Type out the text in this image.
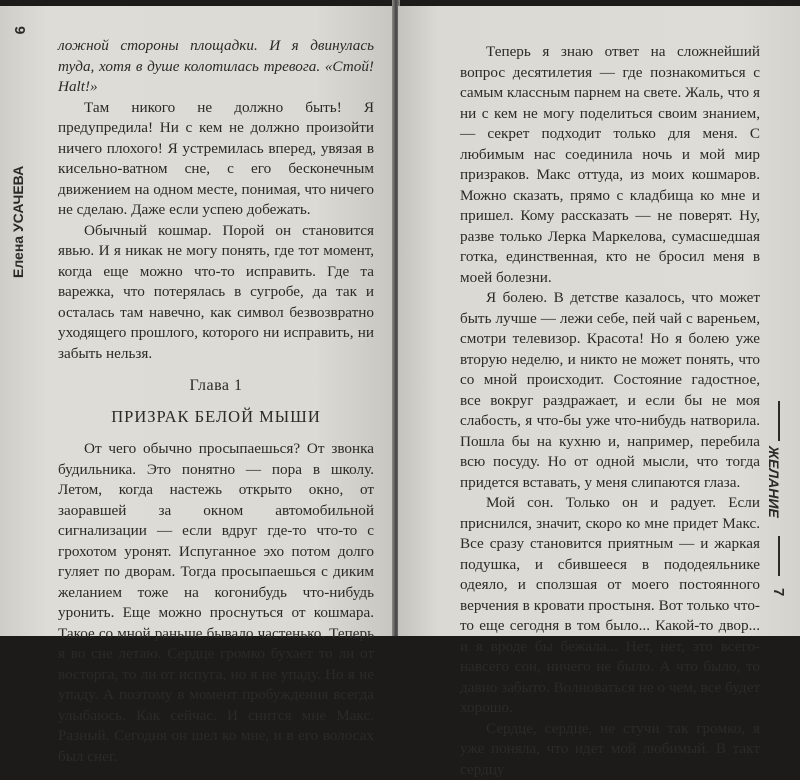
6
Елена УСАЧЕВА

ложной стороны площадки. И я двинулась туда, хотя в душе колотилась тревога. «Стой! Halt!»

Там никого не должно быть! Я предупредила! Ни с кем не должно произойти ничего плохого! Я устремилась вперед, увязая в кисельно-ватном сне, с его бесконечным движением на одном месте, понимая, что ничего не сделаю. Даже если успею добежать.

Обычный кошмар. Порой он становится явью. И я никак не могу понять, где тот момент, когда еще можно что-то исправить. Где та варежка, что потерялась в сугробе, да так и осталась там навечно, как символ безвозвратно уходящего прошлого, которого ни исправить, ни забыть нельзя.

Глава 1

ПРИЗРАК БЕЛОЙ МЫШИ

От чего обычно просыпаешься? От звонка будильника. Это понятно — пора в школу. Летом, когда настежь открыто окно, от заоравшей за окном автомобильной сигнализации — если вдруг где-то что-то с грохотом уронят. Испуганное эхо потом долго гуляет по дворам. Тогда просыпаешься с диким желанием тоже на когонибудь что-нибудь уронить. Еще можно проснуться от кошмара. Такое со мной раньше бывало частенько. Теперь я во сне летаю. Сердце громко бухает то ли от восторга, то ли от испуга, но я не упаду. Но я не упаду. А поэтому в момент пробуждения всегда улыбаюсь. Как сейчас. И снится мне Макс. Разный. Сегодня он шел ко мне, и в его волосах был снег.

Теперь я знаю ответ на сложнейший вопрос десятилетия — где познакомиться с самым классным парнем на свете. Жаль, что я ни с кем не могу поделиться своим знанием, — секрет подходит только для меня. С любимым нас соединила ночь и мой мир призраков. Макс оттуда, из моих кошмаров. Можно сказать, прямо с кладбища ко мне и пришел. Кому рассказать — не поверят. Ну, разве только Лерка Маркелова, сумасшедшая готка, единственная, кто не бросил меня в моей болезни.

Я болею. В детстве казалось, что может быть лучше — лежи себе, пей чай с вареньем, смотри телевизор. Красота! Но я болею уже вторую неделю, и никто не может понять, что со мной происходит. Состояние гадостное, все вокруг раздражает, и если бы не моя слабость, я что-бы уже что-нибудь натворила. Пошла бы на кухню и, например, перебила всю посуду. Но от одной мысли, что тогда придется вставать, у меня слипаются глаза.

Мой сон. Только он и радует. Если приснился, значит, скоро ко мне придет Макс. Все сразу становится приятным — и жаркая подушка, и сбившееся в пододеяльнике одеяло, и сползшая от моего постоянного верчения в кровати простыня. Вот только что-то еще сегодня в том было... Какой-то двор... и я вроде бы бежала... Нет, нет, это всего-навсего сон, ничего не было. А что было, то давно забыто. Волноваться не о чем, все будет хорошо.

Сердце, сердце, не стучи так громко, я уже поняла, что идет мой любимый. В такт сердцу

ЖЕЛАНИЕ
7
